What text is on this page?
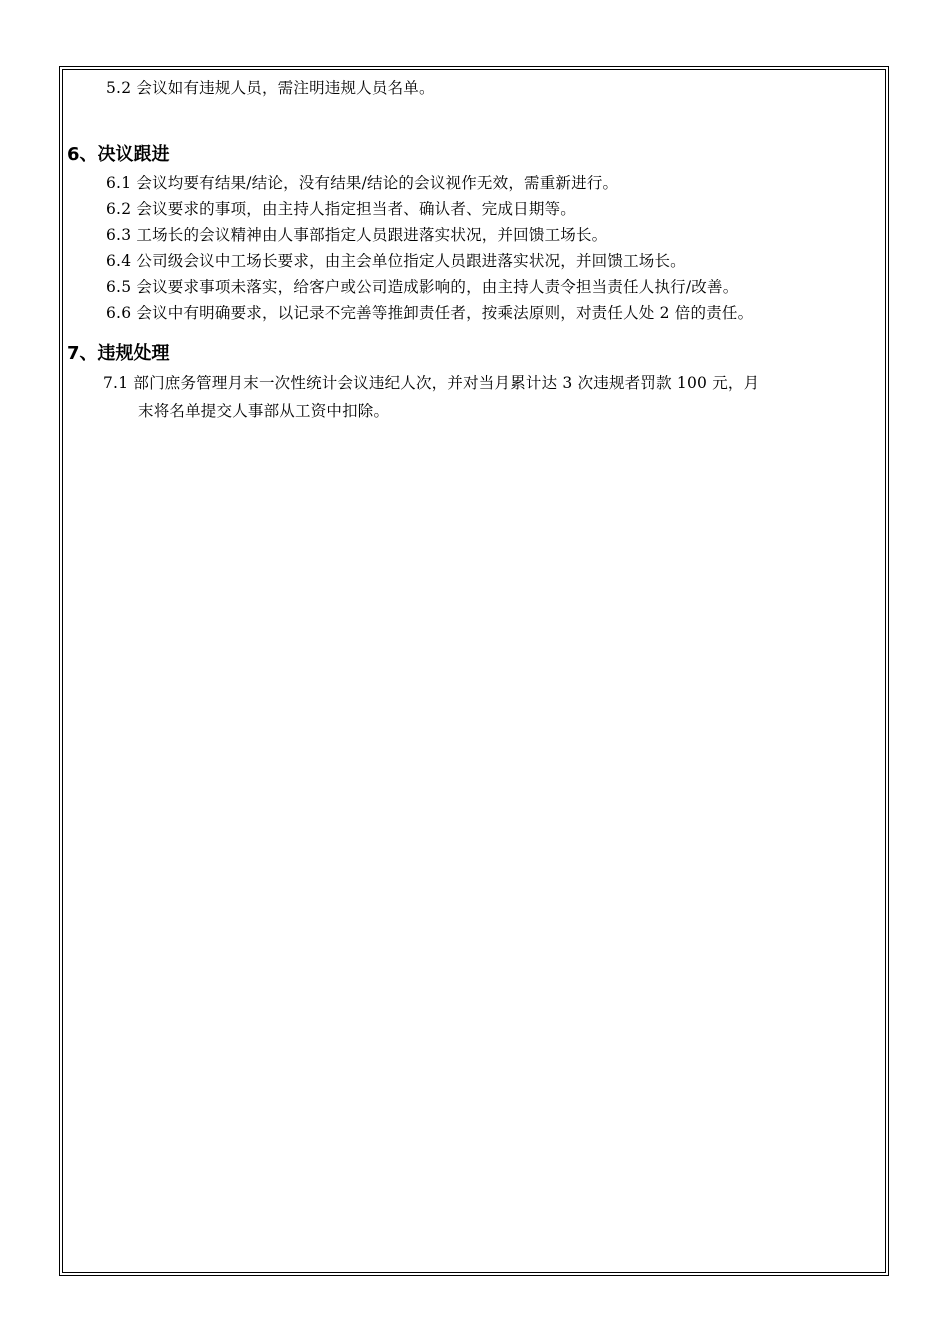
5.2 会议如有违规人员，需注明违规人员名单。
6、决议跟进
6.1 会议均要有结果/结论，没有结果/结论的会议视作无效，需重新进行。
6.2 会议要求的事项，由主持人指定担当者、确认者、完成日期等。
6.3 工场长的会议精神由人事部指定人员跟进落实状况，并回馈工场长。
6.4 公司级会议中工场长要求，由主会单位指定人员跟进落实状况，并回馈工场长。
6.5 会议要求事项未落实，给客户或公司造成影响的，由主持人责令担当责任人执行/改善。
6.6 会议中有明确要求，以记录不完善等推卸责任者，按乘法原则，对责任人处 2 倍的责任。
7、违规处理
7.1 部门庶务管理月末一次性统计会议违纪人次，并对当月累计达 3 次违规者罚款 100 元，月
末将名单提交人事部从工资中扣除。
